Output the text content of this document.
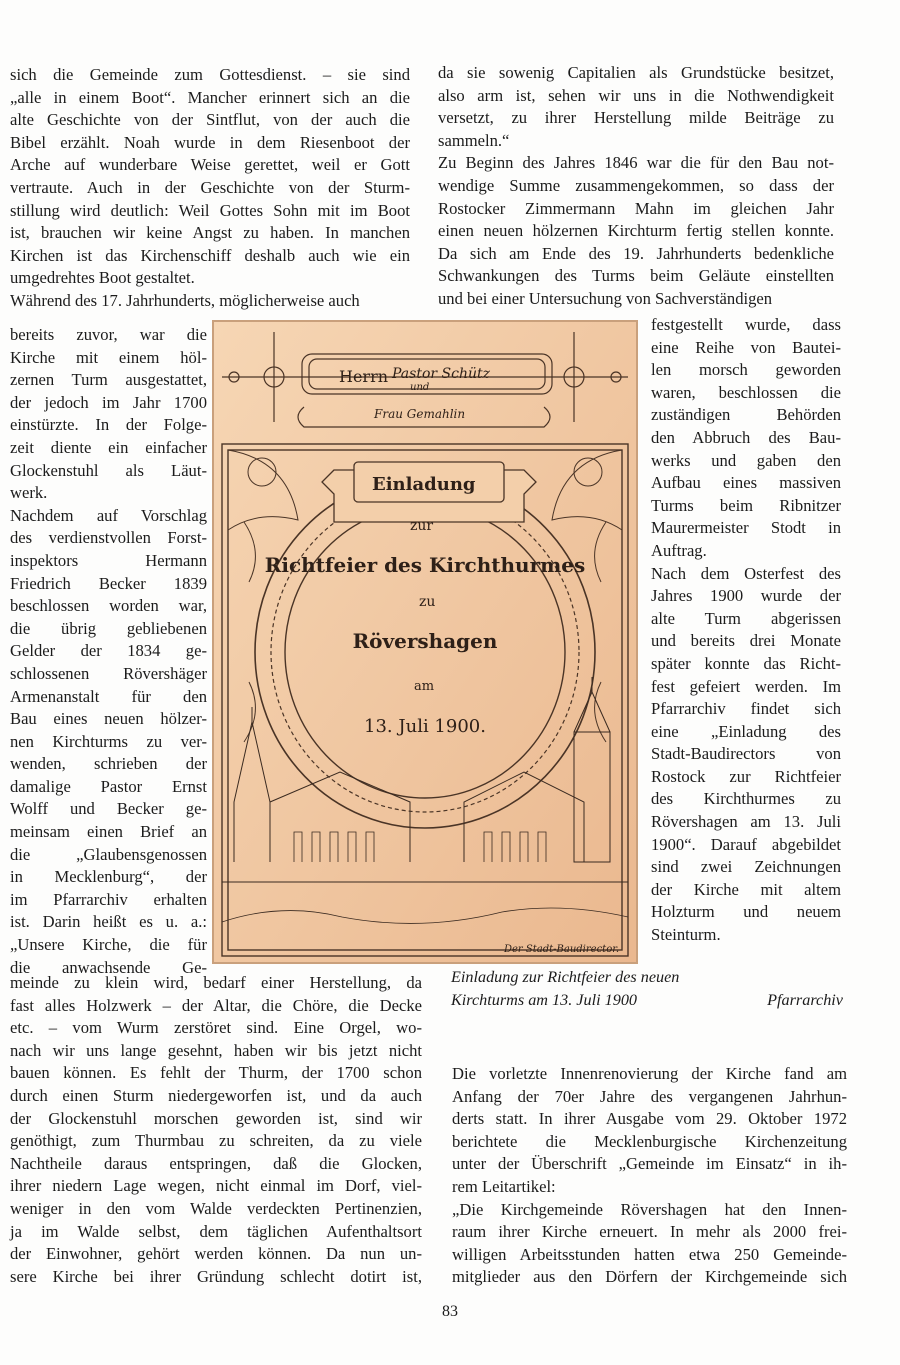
sich die Gemeinde zum Gottesdienst. – sie sind
„alle in einem Boot“. Mancher erinnert sich an die
alte Geschichte von der Sintflut, von der auch die
Bibel erzählt. Noah wurde in dem Riesenboot der
Arche auf wunderbare Weise gerettet, weil er Gott
vertraute. Auch in der Geschichte von der Sturm-
stillung wird deutlich: Weil Gottes Sohn mit im Boot
ist, brauchen wir keine Angst zu haben. In manchen
Kirchen ist das Kirchenschiff deshalb auch wie ein
umgedrehtes Boot gestaltet.
Während des 17. Jahrhunderts, möglicherweise auch
bereits zuvor, war die
Kirche mit einem höl-
zernen Turm ausgestattet,
der jedoch im Jahr 1700
einstürzte. In der Folge-
zeit diente ein einfacher
Glockenstuhl als Läut-
werk.
Nachdem auf Vorschlag
des verdienstvollen Forst-
inspektors Hermann
Friedrich Becker 1839
beschlossen worden war,
die übrig gebliebenen
Gelder der 1834 ge-
schlossenen Rövershäger
Armenanstalt für den
Bau eines neuen hölzer-
nen Kirchturms zu ver-
wenden, schrieben der
damalige Pastor Ernst
Wolff und Becker ge-
meinsam einen Brief an
die „Glaubensgenossen
in Mecklenburg“, der
im Pfarrarchiv erhalten
ist. Darin heißt es u. a.:
„Unsere Kirche, die für
die anwachsende Ge-
meinde zu klein wird, bedarf einer Herstellung, da
fast alles Holzwerk – der Altar, die Chöre, die Decke
etc. – vom Wurm zerstöret sind. Eine Orgel, wo-
nach wir uns lange gesehnt, haben wir bis jetzt nicht
bauen können. Es fehlt der Thurm, der 1700 schon
durch einen Sturm niedergeworfen ist, und da auch
der Glockenstuhl morschen geworden ist, sind wir
genöthigt, zum Thurmbau zu schreiten, da zu viele
Nachtheile daraus entspringen, daß die Glocken,
ihrer niedern Lage wegen, nicht einmal im Dorf, viel-
weniger in den vom Walde verdeckten Pertinenzien,
ja im Walde selbst, dem täglichen Aufenthaltsort
der Einwohner, gehört werden können. Da nun un-
sere Kirche bei ihrer Gründung schlecht dotirt ist,
da sie sowenig Capitalien als Grundstücke besitzet,
also arm ist, sehen wir uns in die Nothwendigkeit
versetzt, zu ihrer Herstellung milde Beiträge zu
sammeln.“
Zu Beginn des Jahres 1846 war die für den Bau not-
wendige Summe zusammengekommen, so dass der
Rostocker Zimmermann Mahn im gleichen Jahr
einen neuen hölzernen Kirchturm fertig stellen konnte.
Da sich am Ende des 19. Jahrhunderts bedenkliche
Schwankungen des Turms beim Geläute einstellten
und bei einer Untersuchung von Sachverständigen
festgestellt wurde, dass
eine Reihe von Bautei-
len morsch geworden
waren, beschlossen die
zuständigen Behörden
den Abbruch des Bau-
werks und gaben den
Aufbau eines massiven
Turms beim Ribnitzer
Maurermeister Stodt in
Auftrag.
Nach dem Osterfest des
Jahres 1900 wurde der
alte Turm abgerissen
und bereits drei Monate
später konnte das Richt-
fest gefeiert werden. Im
Pfarrarchiv findet sich
eine „Einladung des
Stadt-Baudirectors von
Rostock zur Richtfeier
des Kirchthurmes zu
Rövershagen am 13. Juli
1900“. Darauf abgebildet
sind zwei Zeichnungen
der Kirche mit altem
Holzturm und neuem
Steinturm.
Die vorletzte Innenrenovierung der Kirche fand am
Anfang der 70er Jahre des vergangenen Jahrhun-
derts statt. In ihrer Ausgabe vom 29. Oktober 1972
berichtete die Mecklenburgische Kirchenzeitung
unter der Überschrift „Gemeinde im Einsatz“ in ih-
rem Leitartikel:
„Die Kirchgemeinde Rövershagen hat den Innen-
raum ihrer Kirche erneuert. In mehr als 2000 frei-
willigen Arbeitsstunden hatten etwa 250 Gemeinde-
mitglieder aus den Dörfern der Kirchgemeinde sich
Herrn Pastor Schütz
und
Frau Gemahlin
Einladung
zur
Richtfeier des Kirchthurmes
zu
Rövershagen
am
13. Juli 1900.
Der Stadt-Baudirector.
Einladung zur Richtfeier des neuen
Kirchturms am 13. Juli 1900	Pfarrarchiv
83
